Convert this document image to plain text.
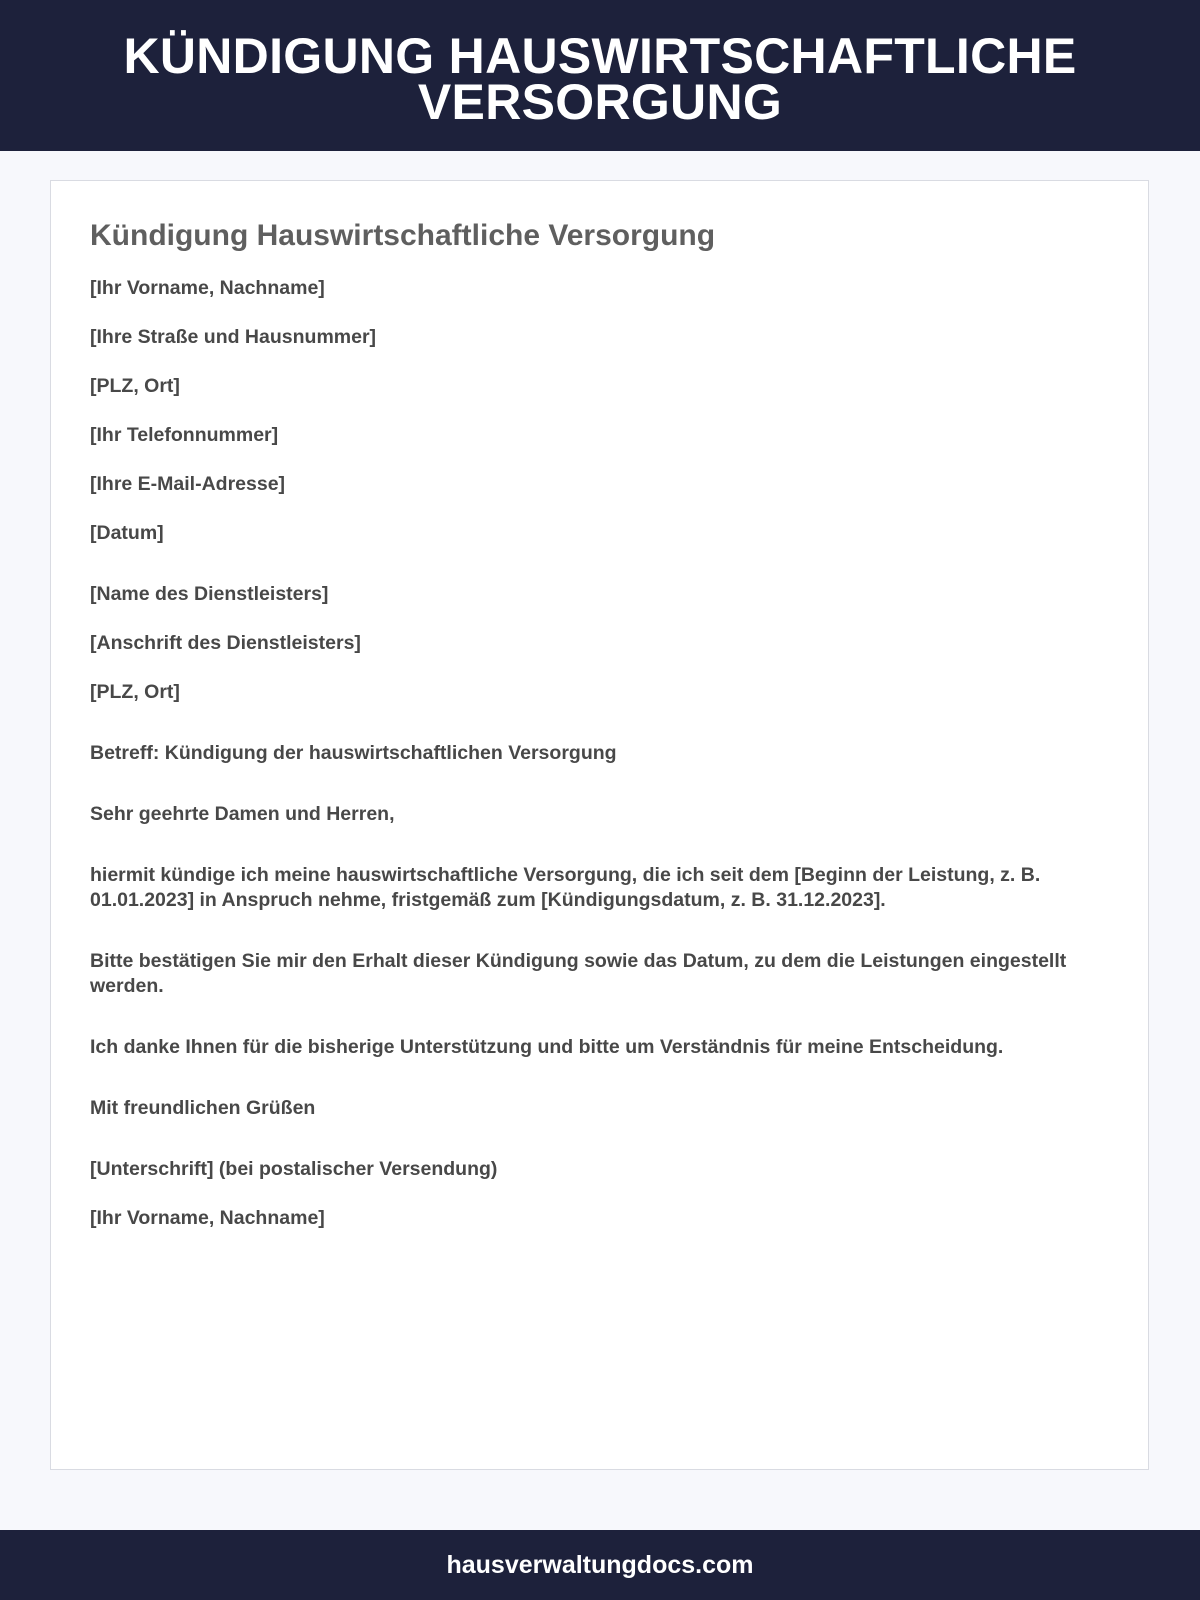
KÜNDIGUNG HAUSWIRTSCHAFTLICHE VERSORGUNG
Kündigung Hauswirtschaftliche Versorgung

[Ihr Vorname, Nachname]

[Ihre Straße und Hausnummer]

[PLZ, Ort]

[Ihr Telefonnummer]

[Ihre E-Mail-Adresse]

[Datum]

[Name des Dienstleisters]

[Anschrift des Dienstleisters]

[PLZ, Ort]

Betreff: Kündigung der hauswirtschaftlichen Versorgung

Sehr geehrte Damen und Herren,

hiermit kündige ich meine hauswirtschaftliche Versorgung, die ich seit dem [Beginn der Leistung, z. B. 01.01.2023] in Anspruch nehme, fristgemäß zum [Kündigungsdatum, z. B. 31.12.2023].

Bitte bestätigen Sie mir den Erhalt dieser Kündigung sowie das Datum, zu dem die Leistungen eingestellt werden.

Ich danke Ihnen für die bisherige Unterstützung und bitte um Verständnis für meine Entscheidung.

Mit freundlichen Grüßen

[Unterschrift] (bei postalischer Versendung)

[Ihr Vorname, Nachname]

hausverwaltungdocs.com
